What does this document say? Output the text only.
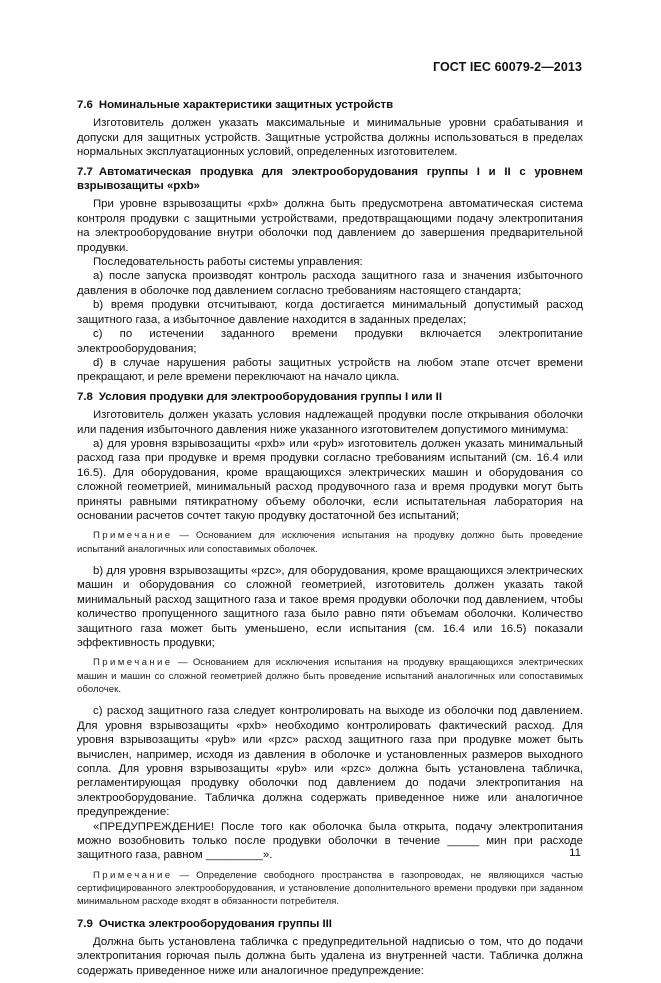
ГОСТ IEC 60079-2—2013
7.6 Номинальные характеристики защитных устройств

Изготовитель должен указать максимальные и минимальные уровни срабатывания и допуски для защитных устройств. Защитные устройства должны использоваться в пределах нормальных эксплуатационных условий, определенных изготовителем.

7.7 Автоматическая продувка для электрооборудования группы I и II с уровнем взрывозащиты «pxb»

При уровне взрывозащиты «pxb» должна быть предусмотрена автоматическая система контроля продувки с защитными устройствами, предотвращающими подачу электропитания на электрооборудование внутри оболочки под давлением до завершения предварительной продувки.

Последовательность работы системы управления:

а) после запуска производят контроль расхода защитного газа и значения избыточного давления в оболочке под давлением согласно требованиям настоящего стандарта;

b) время продувки отсчитывают, когда достигается минимальный допустимый расход защитного газа, а избыточное давление находится в заданных пределах;

с) по истечении заданного времени продувки включается электропитание электрооборудования;

d) в случае нарушения работы защитных устройств на любом этапе отсчет времени прекращают, и реле времени переключают на начало цикла.

7.8 Условия продувки для электрооборудования группы I или II

Изготовитель должен указать условия надлежащей продувки после открывания оболочки или падения избыточного давления ниже указанного изготовителем допустимого минимума:

а) для уровня взрывозащиты «pxb» или «pyb» изготовитель должен указать минимальный расход газа при продувке и время продувки согласно требованиям испытаний (см. 16.4 или 16.5). Для оборудования, кроме вращающихся электрических машин и оборудования со сложной геометрией, минимальный расход продувочного газа и время продувки могут быть приняты равными пятикратному объему оболочки, если испытательная лаборатория на основании расчетов сочтет такую продувку достаточной без испытаний;

Примечание — Основанием для исключения испытания на продувку должно быть проведение испытаний аналогичных или сопоставимых оболочек.

b) для уровня взрывозащиты «pzc», для оборудования, кроме вращающихся электрических машин и оборудования со сложной геометрией, изготовитель должен указать такой минимальный расход защитного газа и такое время продувки оболочки под давлением, чтобы количество пропущенного защитного газа было равно пяти объемам оболочки. Количество защитного газа может быть уменьшено, если испытания (см. 16.4 или 16.5) показали эффективность продувки;

Примечание — Основанием для исключения испытания на продувку вращающихся электрических машин и машин со сложной геометрией должно быть проведение испытаний аналогичных или сопоставимых оболочек.

с) расход защитного газа следует контролировать на выходе из оболочки под давлением. Для уровня взрывозащиты «pxb» необходимо контролировать фактический расход. Для уровня взрывозащиты «pyb» или «pzc» расход защитного газа при продувке может быть вычислен, например, исходя из давления в оболочке и установленных размеров выходного сопла. Для уровня взрывозащиты «pyb» или «pzc» должна быть установлена табличка, регламентирующая продувку оболочки под давлением до подачи электропитания на электрооборудование. Табличка должна содержать приведенное ниже или аналогичное предупреждение:

«ПРЕДУПРЕЖДЕНИЕ! После того как оболочка была открыта, подачу электропитания можно возобновить только после продувки оболочки в течение _____ мин при расходе защитного газа, равном _________».

Примечание — Определение свободного пространства в газопроводах, не являющихся частью сертифицированного электрооборудования, и установление дополнительного времени продувки при заданном минимальном расходе входят в обязанности потребителя.
7.9 Очистка электрооборудования группы III

Должна быть установлена табличка с предупредительной надписью о том, что до подачи электропитания горючая пыль должна быть удалена из внутренней части. Табличка должна содержать приведенное ниже или аналогичное предупреждение:

11
